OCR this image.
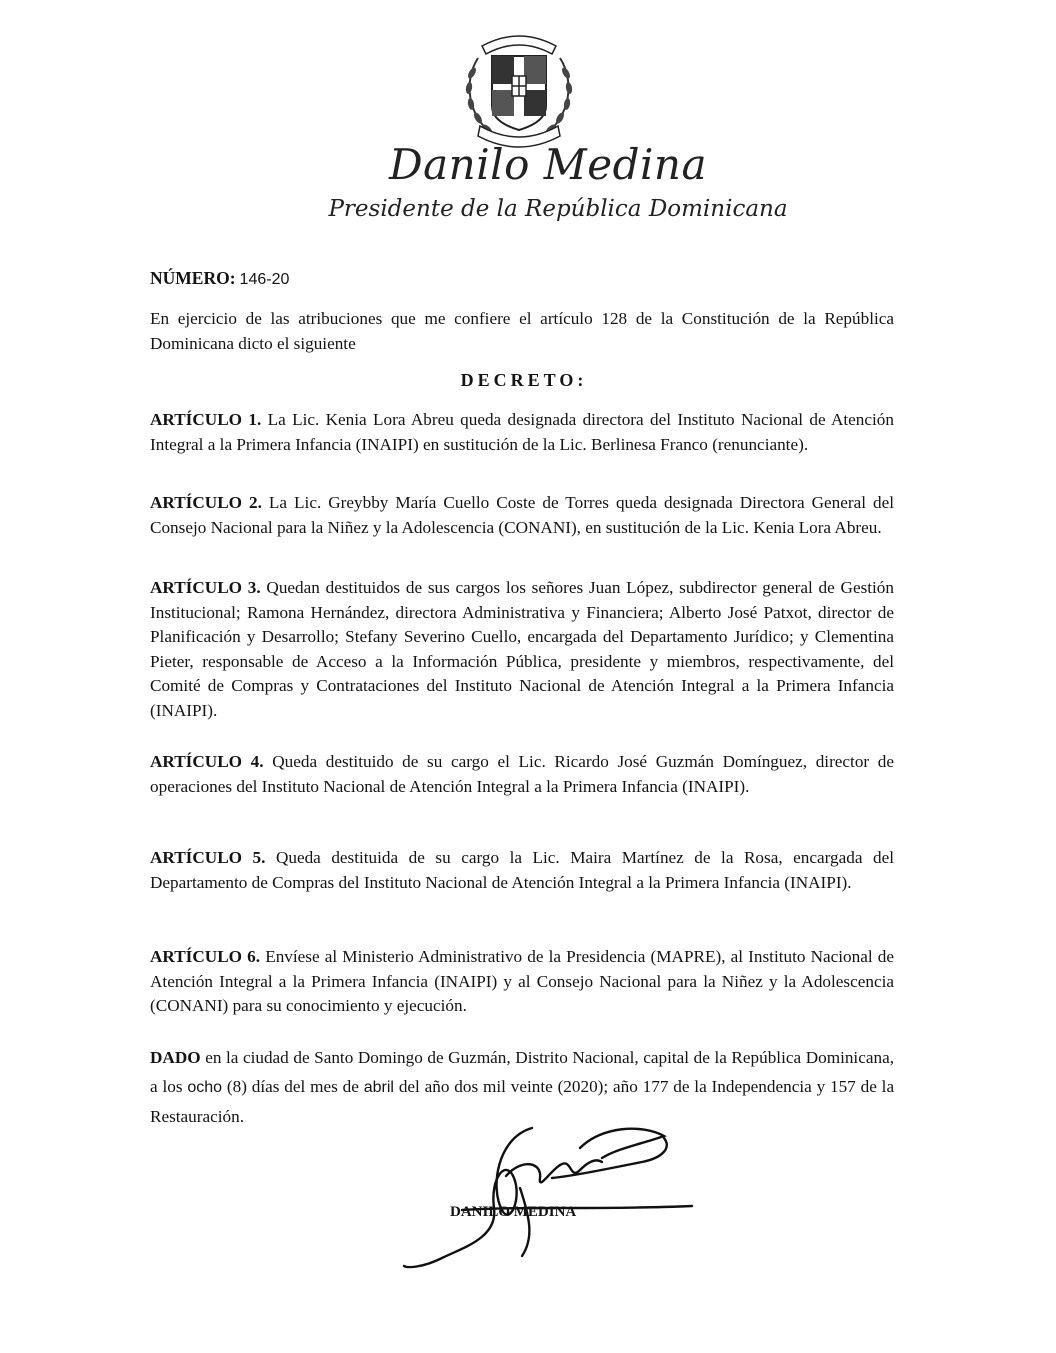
Danilo Medina
Presidente de la República Dominicana
NÚMERO: 146-20
En ejercicio de las atribuciones que me confiere el artículo 128 de la Constitución de la República Dominicana dicto el siguiente
DECRETO:
ARTÍCULO 1. La Lic. Kenia Lora Abreu queda designada directora del Instituto Nacional de Atención Integral a la Primera Infancia (INAIPI) en sustitución de la Lic. Berlinesa Franco (renunciante).
ARTÍCULO 2. La Lic. Greybby María Cuello Coste de Torres queda designada Directora General del Consejo Nacional para la Niñez y la Adolescencia (CONANI), en sustitución de la Lic. Kenia Lora Abreu.
ARTÍCULO 3. Quedan destituidos de sus cargos los señores Juan López, subdirector general de Gestión Institucional; Ramona Hernández, directora Administrativa y Financiera; Alberto José Patxot, director de Planificación y Desarrollo; Stefany Severino Cuello, encargada del Departamento Jurídico; y Clementina Pieter, responsable de Acceso a la Información Pública, presidente y miembros, respectivamente, del Comité de Compras y Contrataciones del Instituto Nacional de Atención Integral a la Primera Infancia (INAIPI).
ARTÍCULO 4. Queda destituido de su cargo el Lic. Ricardo José Guzmán Domínguez, director de operaciones del Instituto Nacional de Atención Integral a la Primera Infancia (INAIPI).
ARTÍCULO 5. Queda destituida de su cargo la Lic. Maira Martínez de la Rosa, encargada del Departamento de Compras del Instituto Nacional de Atención Integral a la Primera Infancia (INAIPI).
ARTÍCULO 6. Envíese al Ministerio Administrativo de la Presidencia (MAPRE), al Instituto Nacional de Atención Integral a la Primera Infancia (INAIPI) y al Consejo Nacional para la Niñez y la Adolescencia (CONANI) para su conocimiento y ejecución.
DADO en la ciudad de Santo Domingo de Guzmán, Distrito Nacional, capital de la República Dominicana, a los ocho (8) días del mes de abril del año dos mil veinte (2020); año 177 de la Independencia y 157 de la Restauración.
DANILO MEDINA
